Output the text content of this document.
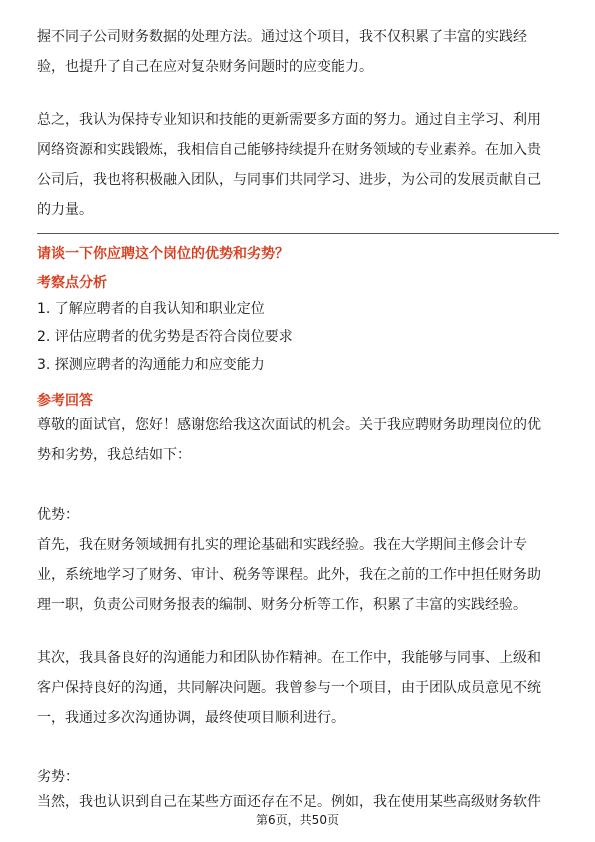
握不同子公司财务数据的处理方法。通过这个项目，我不仅积累了丰富的实践经
验，也提升了自己在应对复杂财务问题时的应变能力。
总之，我认为保持专业知识和技能的更新需要多方面的努力。通过自主学习、利用
网络资源和实践锻炼，我相信自己能够持续提升在财务领域的专业素养。在加入贵
公司后，我也将积极融入团队，与同事们共同学习、进步，为公司的发展贡献自己
的力量。
请谈一下你应聘这个岗位的优势和劣势？
考察点分析
1. 了解应聘者的自我认知和职业定位
2. 评估应聘者的优劣势是否符合岗位要求
3. 探测应聘者的沟通能力和应变能力
参考回答
尊敬的面试官，您好！感谢您给我这次面试的机会。关于我应聘财务助理岗位的优
势和劣势，我总结如下：
优势：
首先，我在财务领域拥有扎实的理论基础和实践经验。我在大学期间主修会计专
业，系统地学习了财务、审计、税务等课程。此外，我在之前的工作中担任财务助
理一职，负责公司财务报表的编制、财务分析等工作，积累了丰富的实践经验。
其次，我具备良好的沟通能力和团队协作精神。在工作中，我能够与同事、上级和
客户保持良好的沟通，共同解决问题。我曾参与一个项目，由于团队成员意见不统
一，我通过多次沟通协调，最终使项目顺利进行。
劣势：
当然，我也认识到自己在某些方面还存在不足。例如，我在使用某些高级财务软件
第6页，共50页
